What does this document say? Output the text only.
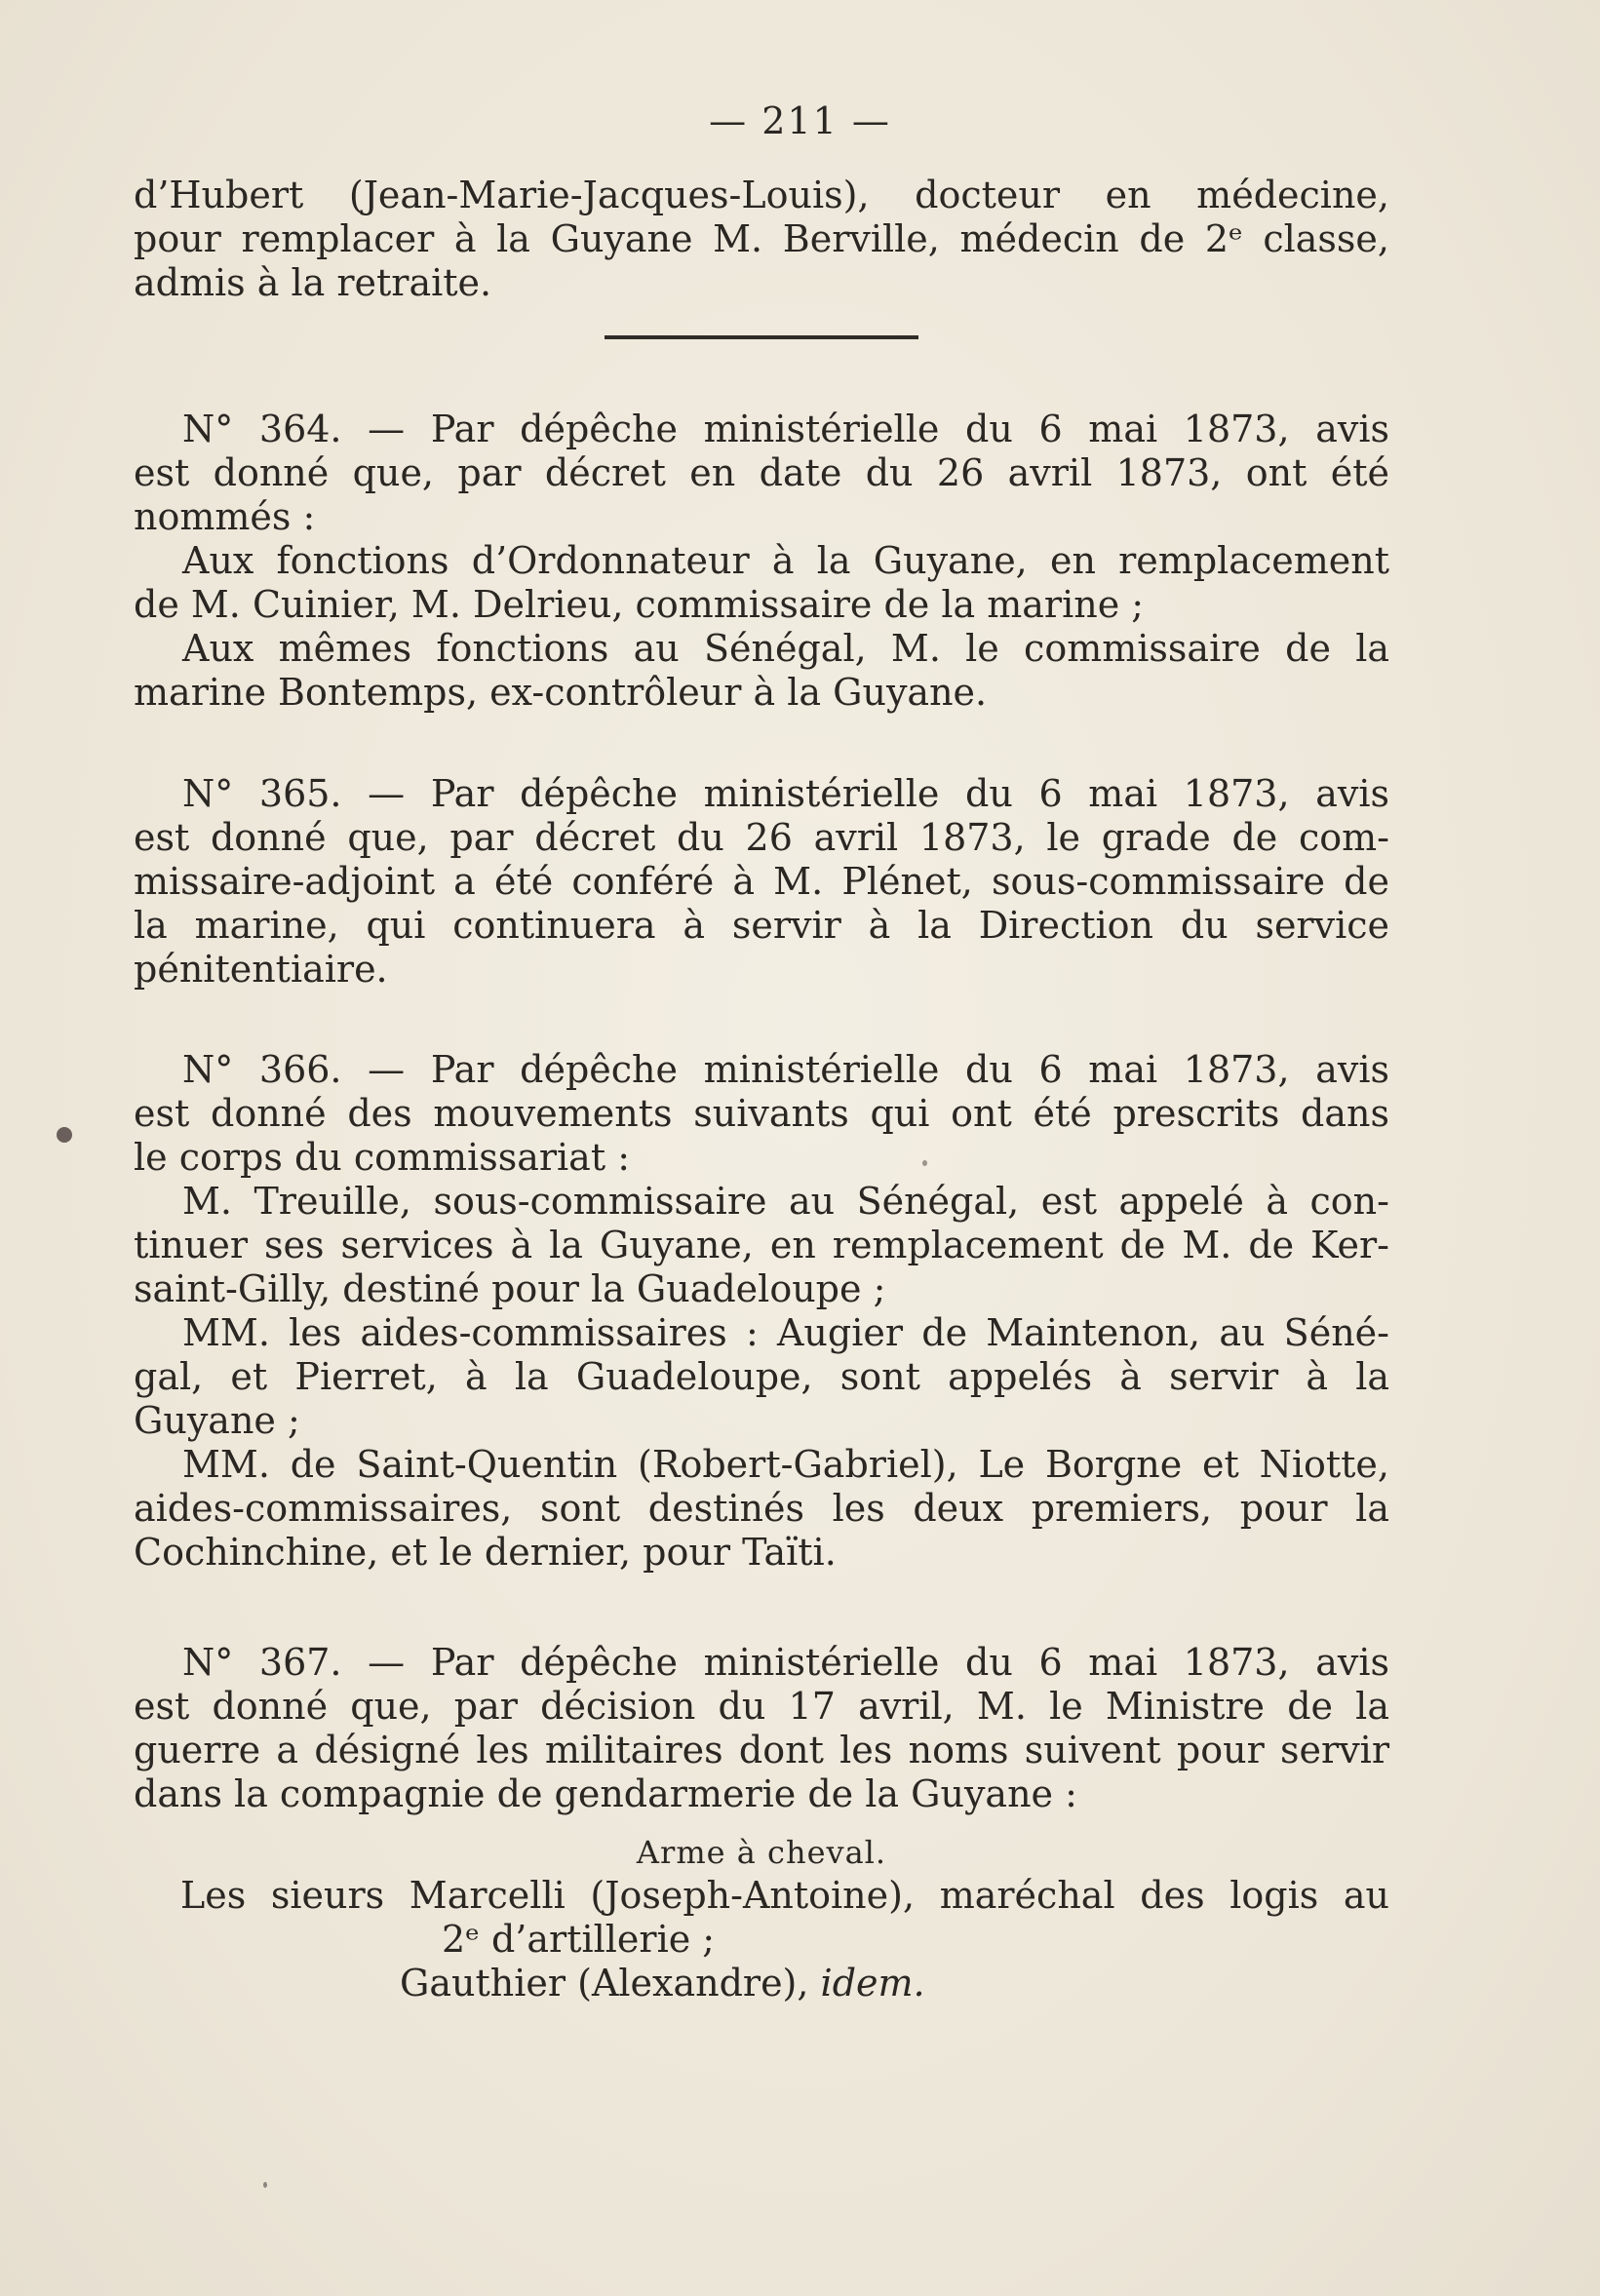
— 211 —
d’Hubert (Jean-Marie-Jacques-Louis), docteur en médecine,
pour remplacer à la Guyane M. Berville, médecin de 2ᵉ classe,
admis à la retraite.
N° 364. — Par dépêche ministérielle du 6 mai 1873, avis
est donné que, par décret en date du 26 avril 1873, ont été
nommés :
Aux fonctions d’Ordonnateur à la Guyane, en remplacement
de M. Cuinier, M. Delrieu, commissaire de la marine ;
Aux mêmes fonctions au Sénégal, M. le commissaire de la
marine Bontemps, ex-contrôleur à la Guyane.
N° 365. — Par dépêche ministérielle du 6 mai 1873, avis
est donné que, par décret du 26 avril 1873, le grade de com-
missaire-adjoint a été conféré à M. Plénet, sous-commissaire de
la marine, qui continuera à servir à la Direction du service
pénitentiaire.
N° 366. — Par dépêche ministérielle du 6 mai 1873, avis
est donné des mouvements suivants qui ont été prescrits dans
le corps du commissariat :
M. Treuille, sous-commissaire au Sénégal, est appelé à con-
tinuer ses services à la Guyane, en remplacement de M. de Ker-
saint-Gilly, destiné pour la Guadeloupe ;
MM. les aides-commissaires : Augier de Maintenon, au Séné-
gal, et Pierret, à la Guadeloupe, sont appelés à servir à la
Guyane ;
MM. de Saint-Quentin (Robert-Gabriel), Le Borgne et Niotte,
aides-commissaires, sont destinés les deux premiers, pour la
Cochinchine, et le dernier, pour Taïti.
N° 367. — Par dépêche ministérielle du 6 mai 1873, avis
est donné que, par décision du 17 avril, M. le Ministre de la
guerre a désigné les militaires dont les noms suivent pour servir
dans la compagnie de gendarmerie de la Guyane :
Arme à cheval.
Les sieurs Marcelli (Joseph-Antoine), maréchal des logis au
2ᵉ d’artillerie ;
Gauthier (Alexandre), idem.
